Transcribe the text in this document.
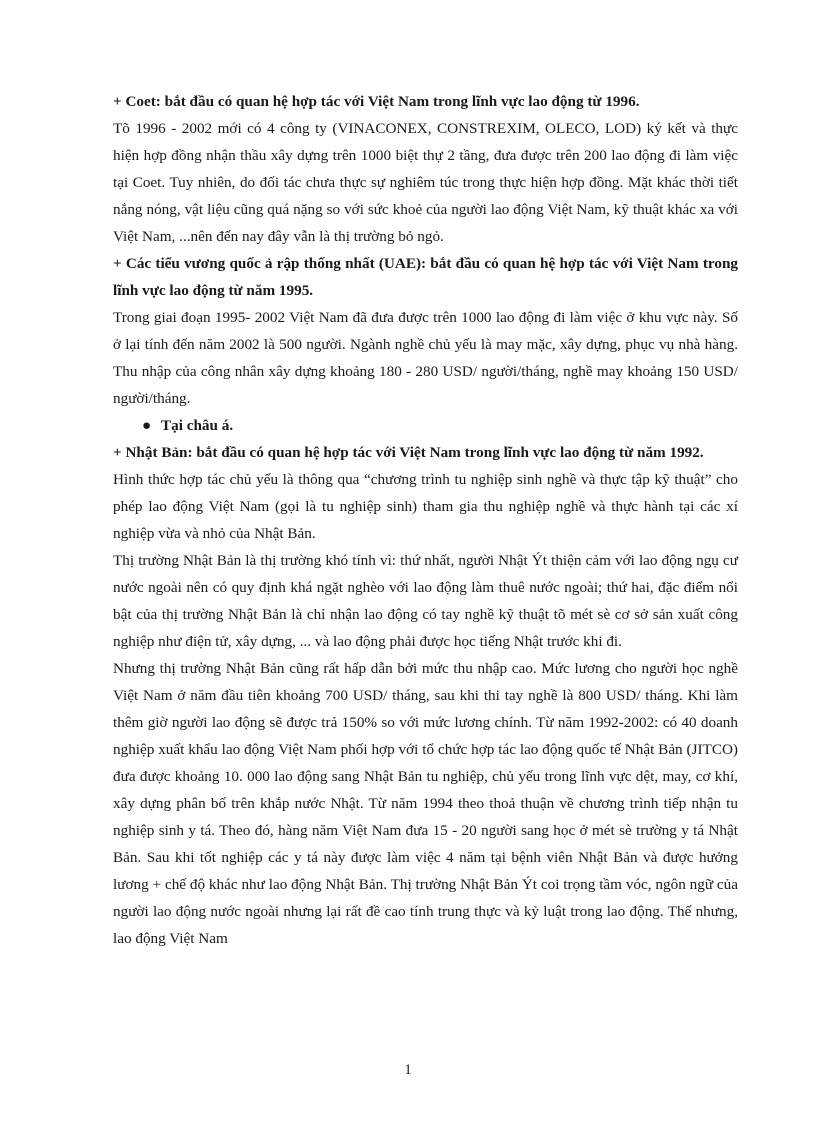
+ Coet: bắt đầu có quan hệ hợp tác với Việt Nam trong lĩnh vực lao động từ 1996.

Tõ 1996 - 2002 mới có 4 công ty (VINACONEX, CONSTREXIM, OLECO, LOD) ký kết và thực hiện hợp đồng nhận thầu xây dựng trên 1000 biệt thự 2 tầng, đưa được trên 200 lao động đi làm việc tại Coet. Tuy nhiên, do đối tác chưa thực sự nghiêm túc trong thực hiện hợp đồng. Mặt khác thời tiết nắng nóng, vật liệu cũng quá nặng so với sức khoẻ của người lao động Việt Nam, kỹ thuật khác xa với Việt Nam, ...nên đến nay đây vẫn là thị trường bỏ ngỏ.

+ Các tiểu vương quốc ả rập thống nhất (UAE): bắt đầu có quan hệ hợp tác với Việt Nam trong lĩnh vực lao động từ năm 1995.

Trong giai đoạn 1995- 2002 Việt Nam đã đưa được trên 1000 lao động đi làm việc ở khu vực này. Số ở lại tính đến năm 2002 là 500 người. Ngành nghề chủ yếu là may mặc, xây dựng, phục vụ nhà hàng. Thu nhập của công nhân xây dựng khoảng 180 - 280 USD/ người/tháng, nghề may khoảng 150 USD/ người/tháng.

● Tại châu á.

+ Nhật Bản: bắt đầu có quan hệ hợp tác với Việt Nam trong lĩnh vực lao động từ năm 1992.

Hình thức hợp tác chủ yếu là thông qua “chương trình tu nghiệp sinh nghề và thực tập kỹ thuật” cho phép lao động Việt Nam (gọi là tu nghiệp sinh) tham gia thu nghiệp nghề và thực hành tại các xí nghiệp vừa và nhỏ của Nhật Bản.

Thị trường Nhật Bản là thị trường khó tính vì: thứ nhất, người Nhật Ýt thiện cảm với lao động ngụ cư nước ngoài nên có quy định khá ngặt nghèo với lao động làm thuê nước ngoài; thứ hai, đặc điểm nổi bật của thị trường Nhật Bản là chỉ nhận lao động có tay nghề kỹ thuật tõ mét sè cơ sở sản xuất công nghiệp như điện tử, xây dựng, ... và lao động phải được học tiếng Nhật trước khi đi.

Nhưng thị trường Nhật Bản cũng rất hấp dẫn bởi mức thu nhập cao. Mức lương cho người học nghề Việt Nam ở năm đầu tiên khoảng 700 USD/ tháng, sau khi thi tay nghề là 800 USD/ tháng. Khi làm thêm giờ người lao động sẽ được trả 150% so với mức lương chính. Từ năm 1992-2002: có 40 doanh nghiệp xuất khẩu lao động Việt Nam phối hợp với tổ chức hợp tác lao động quốc tế Nhật Bản (JITCO) đưa được khoảng 10. 000 lao động sang Nhật Bản tu nghiệp, chủ yếu trong lĩnh vực dệt, may, cơ khí, xây dựng phân bố trên khắp nước Nhật. Từ năm 1994 theo thoả thuận về chương trình tiếp nhận tu nghiệp sinh y tá. Theo đó, hàng năm Việt Nam đưa 15 - 20 người sang học ở mét sè trường y tá Nhật Bản. Sau khi tốt nghiệp các y tá này được làm việc 4 năm tại bệnh viên Nhật Bản và được hưởng lương + chế độ khác như lao động Nhật Bản. Thị trường Nhật Bản Ýt coi trọng tầm vóc, ngôn ngữ của người lao động nước ngoài nhưng lại rất đề cao tính trung thực và kỷ luật trong lao động. Thế nhưng, lao động Việt Nam

1
